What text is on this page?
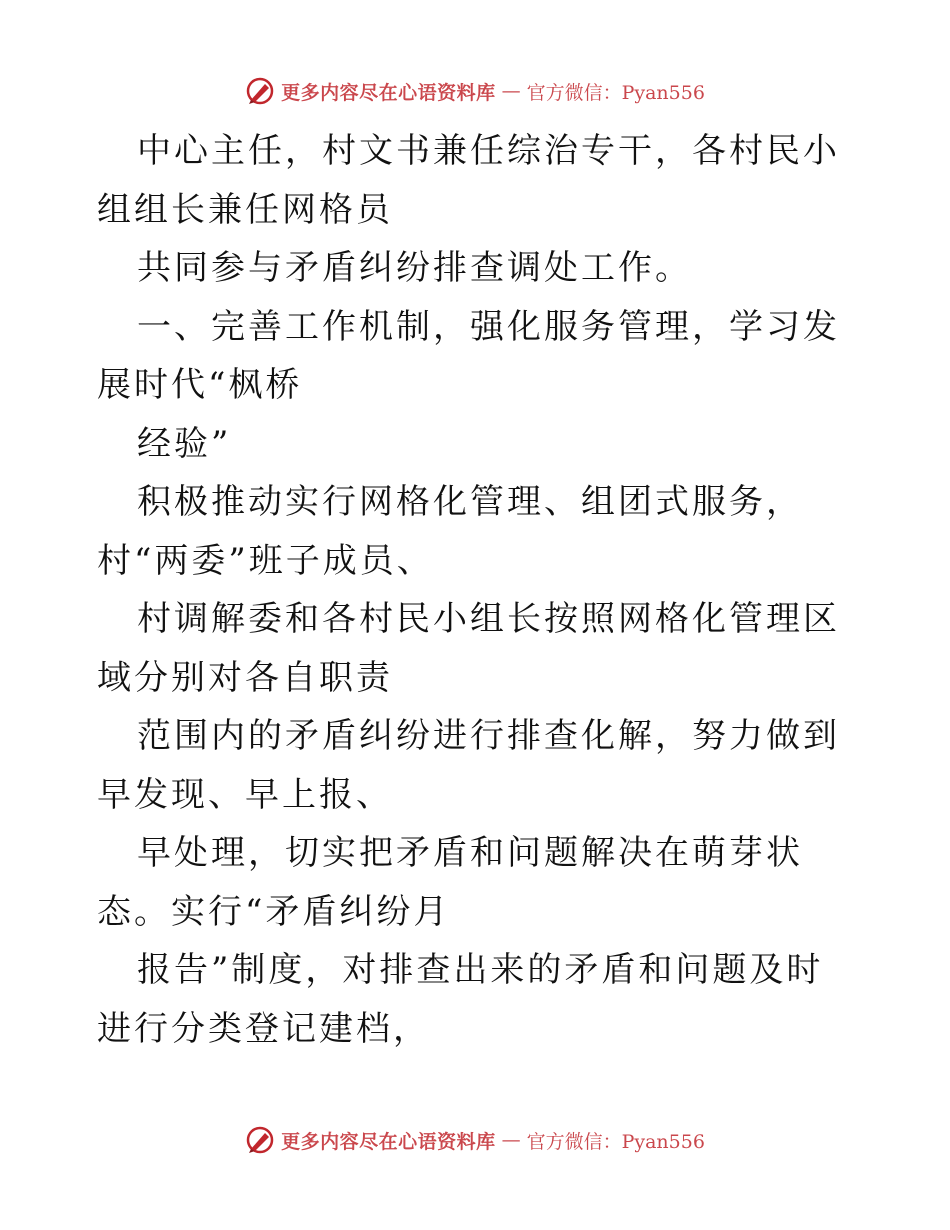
更多内容尽在心语资料库 — 官方微信：Pyan556

中心主任，村文书兼任综治专干，各村民小组组长兼任网格员

共同参与矛盾纠纷排查调处工作。

一、完善工作机制，强化服务管理，学习发展时代“枫桥

经验”

积极推动实行网格化管理、组团式服务，村“两委”班子成员、

村调解委和各村民小组长按照网格化管理区域分别对各自职责

范围内的矛盾纠纷进行排查化解，努力做到早发现、早上报、

早处理，切实把矛盾和问题解决在萌芽状态。实行“矛盾纠纷月

报告”制度，对排查出来的矛盾和问题及时进行分类登记建档，

更多内容尽在心语资料库 — 官方微信：Pyan556
